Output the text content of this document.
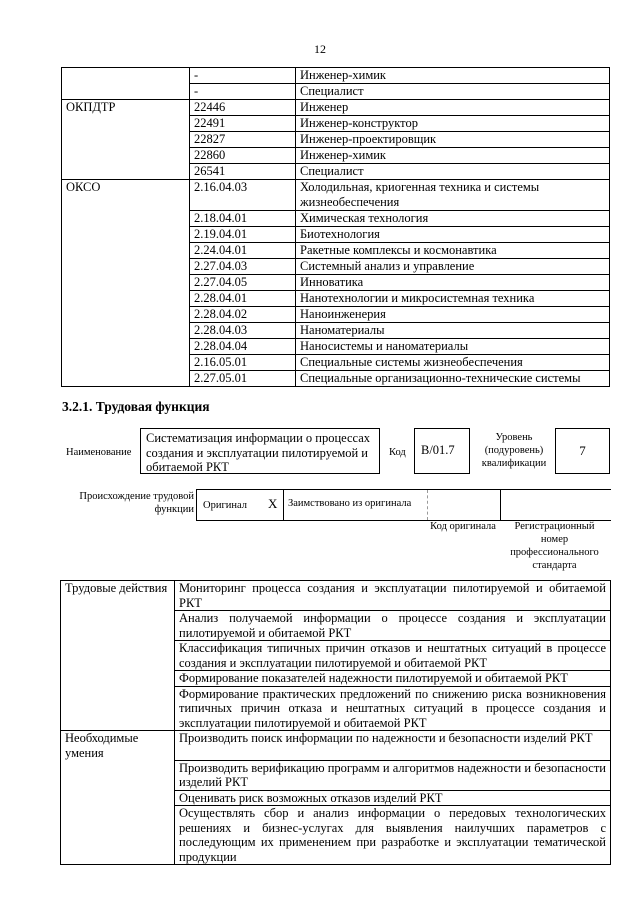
12
	-	Инженер-химик
	-	Специалист
ОКПДТР	22446	Инженер
	22491	Инженер-конструктор
	22827	Инженер-проектировщик
	22860	Инженер-химик
	26541	Специалист
ОКСО	2.16.04.03	Холодильная, криогенная техника и системы жизнеобеспечения
	2.18.04.01	Химическая технология
	2.19.04.01	Биотехнология
	2.24.04.01	Ракетные комплексы и космонавтика
	2.27.04.03	Системный анализ и управление
	2.27.04.05	Инноватика
	2.28.04.01	Нанотехнологии и микросистемная техника
	2.28.04.02	Наноинженерия
	2.28.04.03	Наноматериалы
	2.28.04.04	Наносистемы и наноматериалы
	2.16.05.01	Специальные системы жизнеобеспечения
	2.27.05.01	Специальные организационно-технические системы
3.2.1. Трудовая функция
Наименование
Систематизация информации о процессах создания и эксплуатации пилотируемой и обитаемой РКТ
Код	B/01.7
Уровень (подуровень) квалификации
7
Происхождение трудовой функции Оригинал X	Заимствовано из оригинала
Код оригинала	Регистрационный номер профессионального стандарта
Трудовые действия	Мониторинг процесса создания и эксплуатации пилотируемой и обитаемой РКТ
	Анализ получаемой информации о процессе создания и эксплуатации пилотируемой и обитаемой РКТ
	Классификация типичных причин отказов и нештатных ситуаций в процессе создания и эксплуатации пилотируемой и обитаемой РКТ
	Формирование показателей надежности пилотируемой и обитаемой РКТ
	Формирование практических предложений по снижению риска возникновения типичных причин отказа и нештатных ситуаций в процессе создания и эксплуатации пилотируемой и обитаемой РКТ

Необходимые умения	Производить поиск информации по надежности и безопасности изделий РКТ
	Производить верификацию программ и алгоритмов надежности и безопасности изделий РКТ
	Оценивать риск возможных отказов изделий РКТ
	Осуществлять сбор и анализ информации о передовых технологических решениях и бизнес-услугах для выявления наилучших параметров с последующим их применением при разработке и эксплуатации тематической продукции
